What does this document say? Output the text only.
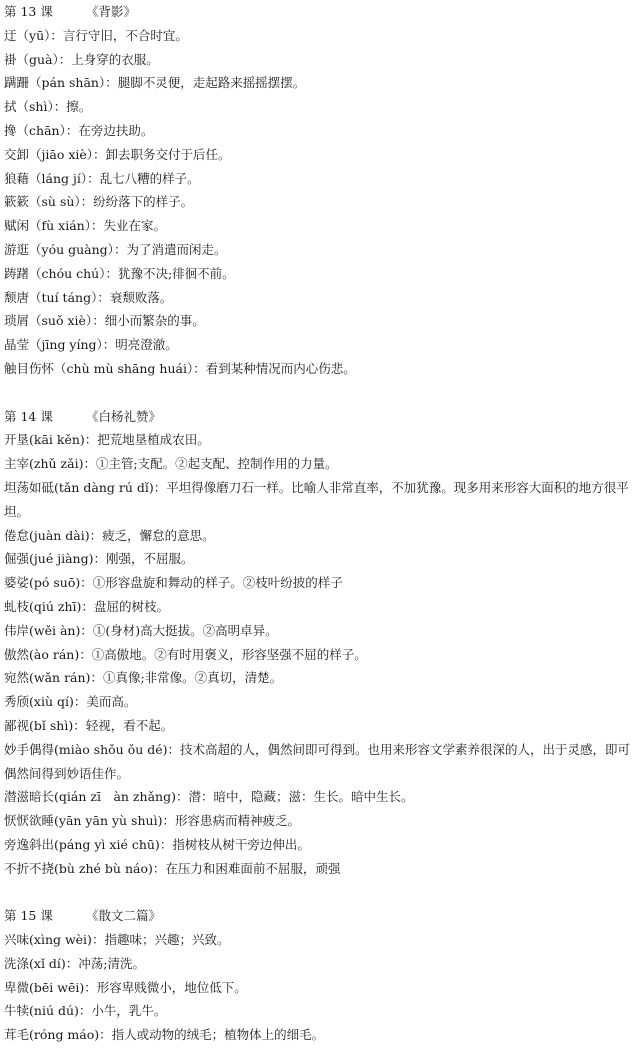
第 13 课	《背影》
迂（yū）：言行守旧，不合时宜。
褂（guà）：上身穿的衣服。
蹒跚（pán shān）：腿脚不灵便，走起路来摇摇摆摆。
拭（shì）：擦。
搀（chān）：在旁边扶助。
交卸（jiāo xiè）：卸去职务交付于后任。
狼藉（láng jí）：乱七八糟的样子。
簌簌（sù sù）：纷纷落下的样子。
赋闲（fù xián）：失业在家。
游逛（yóu guàng）：为了消遣而闲走。
踌躇（chóu chú）：犹豫不决;徘徊不前。
颓唐（tuí táng）：衰颓败落。
琐屑（suǒ xiè）：细小而繁杂的事。
晶莹（jīng yíng）：明亮澄澈。
触目伤怀（chù mù shāng huái）：看到某种情况而内心伤悲。
第 14 课	《白杨礼赞》
开垦(kāi kěn)：把荒地垦植成农田。
主宰(zhǔ zǎi)：①主管;支配。②起支配、控制作用的力量。
坦荡如砥(tǎn dàng rú dǐ)：平坦得像磨刀石一样。比喻人非常直率，不加犹豫。现多用来形容大面积的地方很平坦。
倦怠(juàn dài)：疲乏，懈怠的意思。
倔强(jué jiàng)：刚强，不屈服。
婆娑(pó suō)：①形容盘旋和舞动的样子。②枝叶纷披的样子
虬枝(qiú zhī)：盘屈的树枝。
伟岸(wěi àn)：①(身材)高大挺拔。②高明卓异。
傲然(ào rán)：①高傲地。②有时用褒义，形容坚强不屈的样子。
宛然(wǎn rán)：①真像;非常像。②真切，清楚。
秀颀(xiù qí)：美而高。
鄙视(bǐ shì)：轻视，看不起。
妙手偶得(miào shǒu ǒu dé)：技术高超的人，偶然间即可得到。也用来形容文学素养很深的人，出于灵感，即可偶然间得到妙语佳作。
潜滋暗长(qián zī　àn zhǎng)：潜：暗中，隐藏；滋：生长。暗中生长。
恹恹欲睡(yān yān yù shuì)：形容患病而精神疲乏。
旁逸斜出(páng yì xié chū)：指树枝从树干旁边伸出。
不折不挠(bù zhé bù náo)：在压力和困难面前不屈服，顽强
第 15 课	《散文二篇》
兴味(xìng wèi)：指趣味；兴趣；兴致。
洗涤(xǐ dí)：冲荡;清洗。
卑微(bēi wēi)：形容卑贱微小，地位低下。
牛犊(niú dú)：小牛，乳牛。
茸毛(róng máo)：指人或动物的绒毛；植物体上的细毛。
